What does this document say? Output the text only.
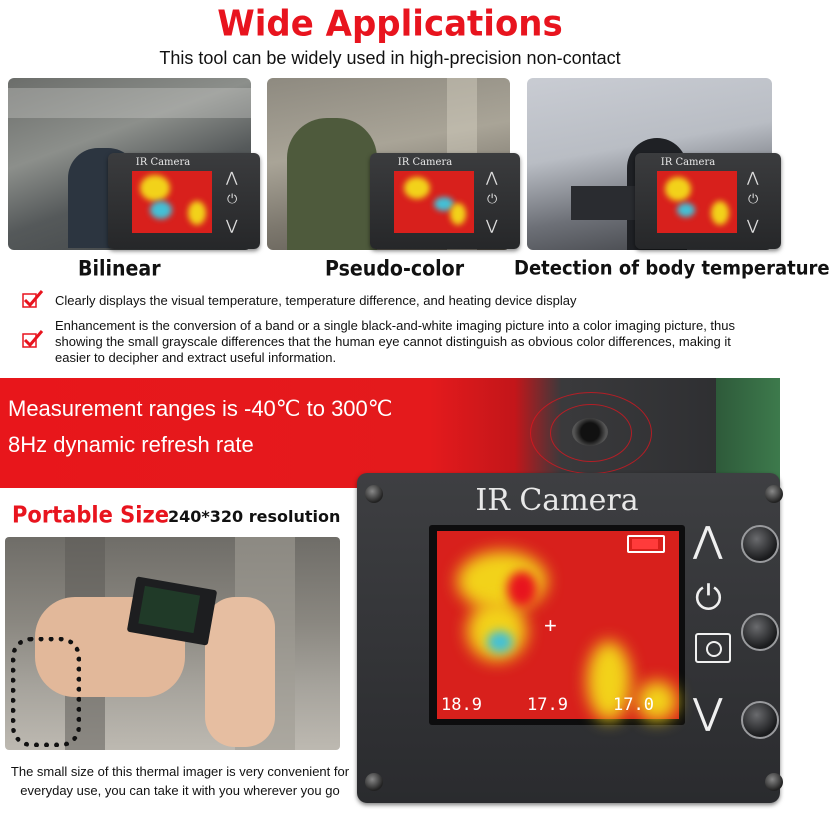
Wide Applications
This tool can be widely used in high-precision non-contact
IR Camera
⋀
⏻
⋁
IR Camera
⋀
⏻
⋁
IR Camera
⋀
⏻
⋁
Bilinear	Pseudo-color	Detection of body temperature
Clearly displays the visual temperature, temperature difference, and heating device display
Enhancement is the conversion of a band or a single black-and-white imaging picture into a color imaging picture, thus showing the small grayscale differences that the human eye cannot distinguish as obvious color differences, making it easier to decipher and extract useful information.
Measurement ranges is -40℃ to 300℃
8Hz dynamic refresh rate
Portable Size 240*320 resolution
The small size of this thermal imager is very convenient for everyday use, you can take it with you wherever you go
IR Camera
+
18.9	17.9	17.0
⋀
⏻
⋁
